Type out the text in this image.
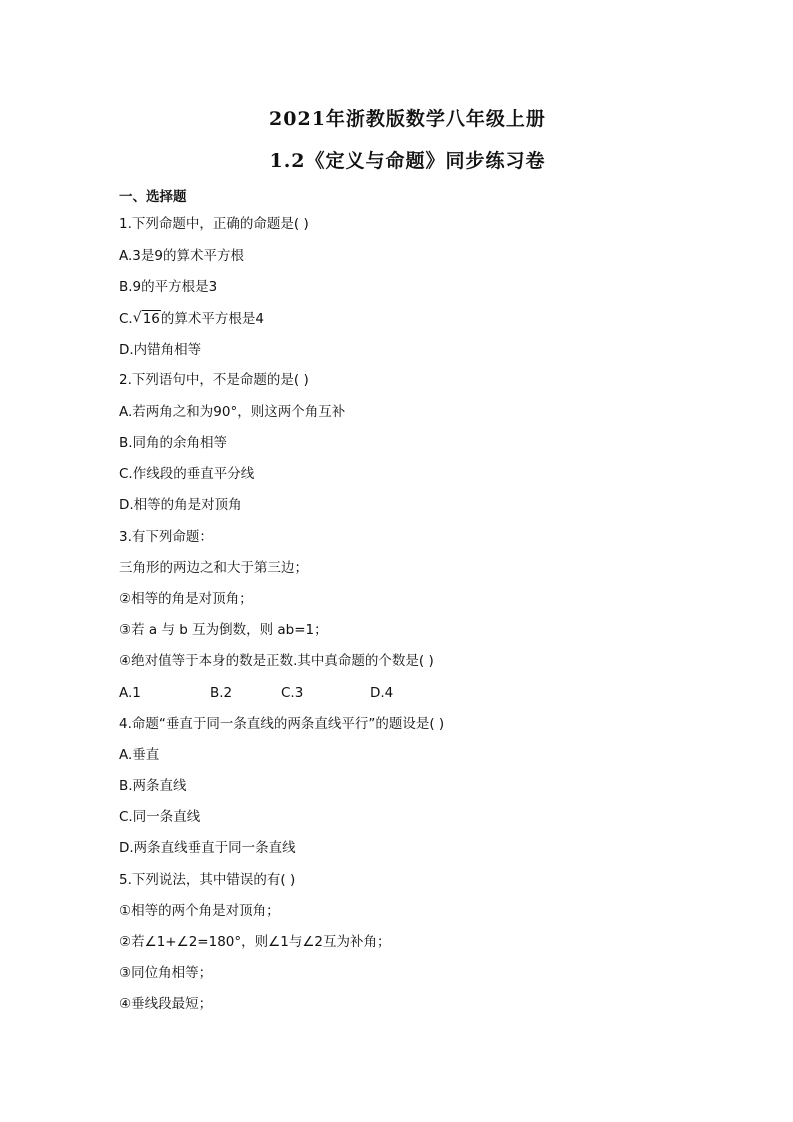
2021年浙教版数学八年级上册
1.2《定义与命题》同步练习卷
一、选择题
1.下列命题中，正确的命题是( )
A.3是9的算术平方根
B.9的平方根是3
C. √ 16的算术平方根是4
D.内错角相等
2.下列语句中，不是命题的是( )
A.若两角之和为90°，则这两个角互补
B.同角的余角相等
C.作线段的垂直平分线
D.相等的角是对顶角
3.有下列命题：
三角形的两边之和大于第三边；
②相等的角是对顶角；
③若 a 与 b 互为倒数，则 ab=1；
④绝对值等于本身的数是正数.其中真命题的个数是( )
A.1	B.2	C.3	D.4
4.命题“垂直于同一条直线的两条直线平行”的题设是( )
A.垂直
B.两条直线
C.同一条直线
D.两条直线垂直于同一条直线
5.下列说法，其中错误的有( )
①相等的两个角是对顶角；
②若∠1+∠2=180°，则∠1与∠2互为补角；
③同位角相等；
④垂线段最短；
